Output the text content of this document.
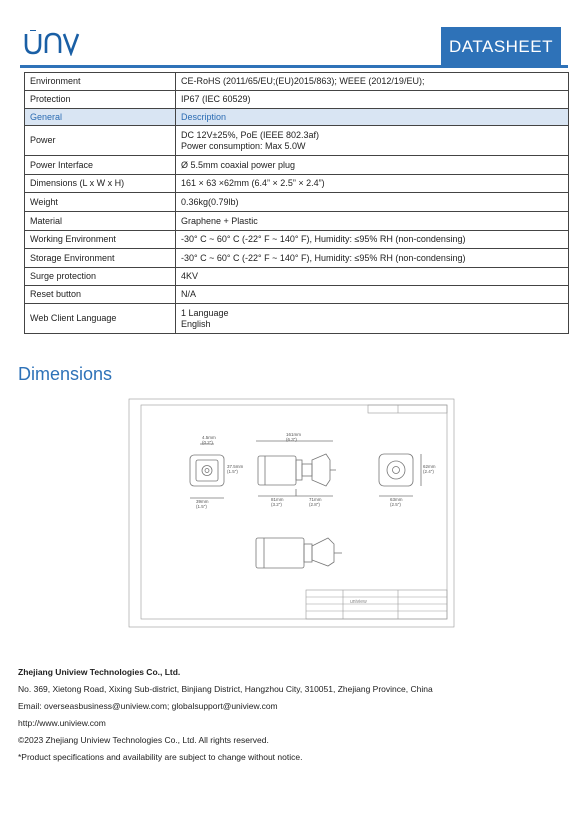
DATASHEET
Environment	CE-RoHS (2011/65/EU;(EU)2015/863); WEEE (2012/19/EU);
Protection	IP67 (IEC 60529)
General	Description
Power	DC 12V±25%, PoE (IEEE 802.3af)
Power consumption: Max 5.0W

Power Interface	Ø 5.5mm coaxial power plug
Dimensions (L x W x H)	161 × 63 ×62mm (6.4” × 2.5” × 2.4”)
Weight	0.36kg(0.79lb)
Material	Graphene + Plastic
Working Environment	-30° C ~ 60° C (-22° F ~ 140° F), Humidity: ≤95% RH (non-condensing)
Storage Environment	-30° C ~ 60° C (-22° F ~ 140° F), Humidity: ≤95% RH (non-condensing)
Surge protection	4KV
Reset button	N/A
Web Client Language	1 Language
English
Dimensions
uniview
4.5mm
(0.2")
39mm
(1.5")
37.5mm
(1.5")
161mm
(6.3")
81mm
(3.2")
71mm
(2.8")
63mm
(2.5")
62mm
(2.4")
Zhejiang Uniview Technologies Co., Ltd.
No. 369, Xietong Road, Xixing Sub-district, Binjiang District, Hangzhou City, 310051, Zhejiang Province, China
Email: overseasbusiness@uniview.com; globalsupport@uniview.com
http://www.uniview.com
©2023 Zhejiang Uniview Technologies Co., Ltd. All rights reserved.
*Product specifications and availability are subject to change without notice.
